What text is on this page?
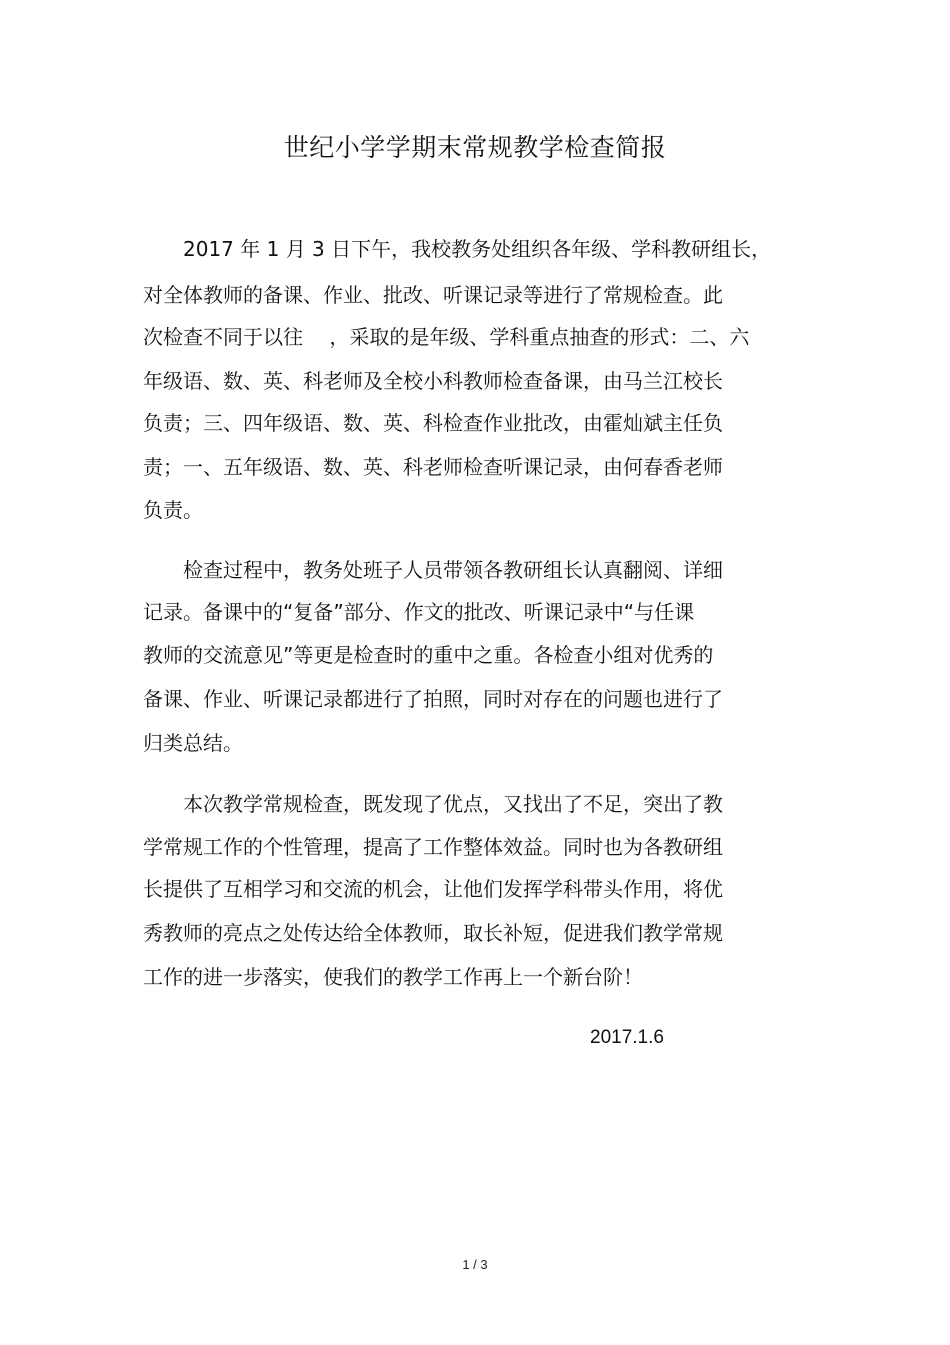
世纪小学学期末常规教学检查简报
　　2017 年 1 月 3 日下午，我校教务处组织各年级、学科教研组长，
对全体教师的备课、作业、批改、听课记录等进行了常规检查。此
次检查不同于以往 　，采取的是年级、学科重点抽查的形式：二、六
年级语、数、英、科老师及全校小科教师检查备课，由马兰江校长
负责；三、四年级语、数、英、科检查作业批改，由霍灿斌主任负
责；一、五年级语、数、英、科老师检查听课记录，由何春香老师
负责。
　　检查过程中，教务处班子人员带领各教研组长认真翻阅、详细
记录。备课中的“复备”部分、作文的批改、听课记录中“与任课
教师的交流意见”等更是检查时的重中之重。各检查小组对优秀的
备课、作业、听课记录都进行了拍照，同时对存在的问题也进行了
归类总结。
　　本次教学常规检查，既发现了优点，又找出了不足，突出了教
学常规工作的个性管理，提高了工作整体效益。同时也为各教研组
长提供了互相学习和交流的机会，让他们发挥学科带头作用，将优
秀教师的亮点之处传达给全体教师，取长补短，促进我们教学常规
工作的进一步落实，使我们的教学工作再上一个新台阶！
2017.1.6
1 / 3
